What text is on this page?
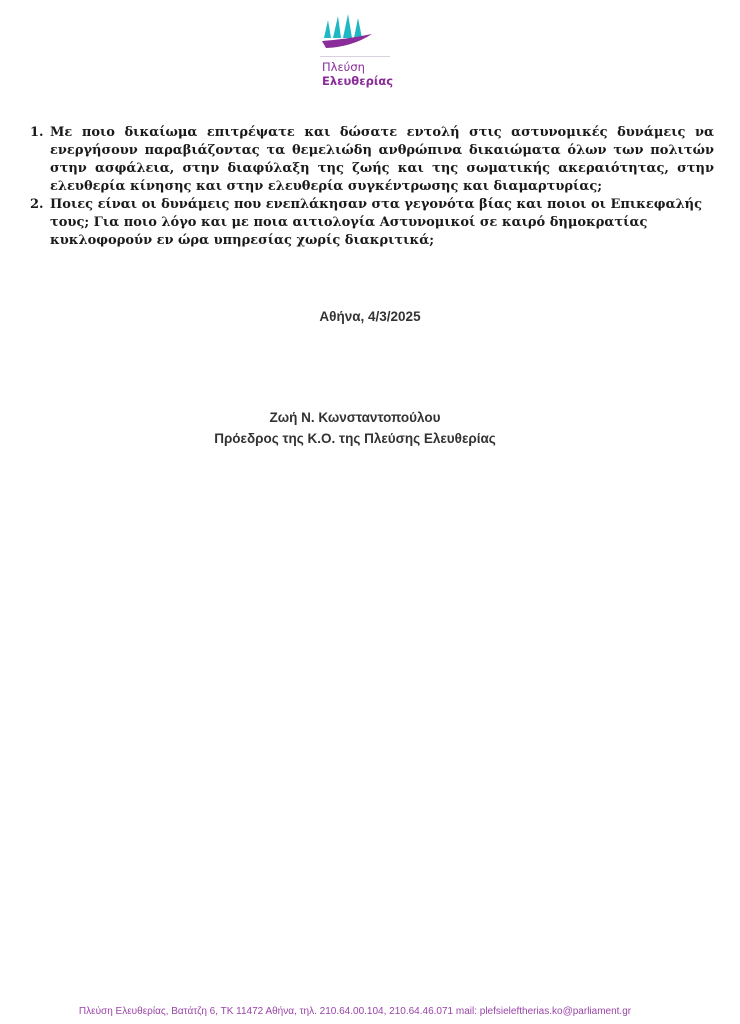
Πλεύση
Ελευθερίας
1. Με ποιο δικαίωμα επιτρέψατε και δώσατε εντολή στις αστυνομικές δυνάμεις να ενεργήσουν παραβιάζοντας τα θεμελιώδη ανθρώπινα δικαιώματα όλων των πολιτών στην ασφάλεια, στην διαφύλαξη της ζωής και της σωματικής ακεραιότητας, στην ελευθερία κίνησης και στην ελευθερία συγκέντρωσης και διαμαρτυρίας;
2. Ποιες είναι οι δυνάμεις που ενεπλάκησαν στα γεγονότα βίας και ποιοι οι Επικεφαλής τους; Για ποιο λόγο και με ποια αιτιολογία Αστυνομικοί σε καιρό δημοκρατίας κυκλοφορούν εν ώρα υπηρεσίας χωρίς διακριτικά;
Αθήνα, 4/3/2025
Ζωή Ν. Κωνσταντοπούλου
Πρόεδρος της Κ.Ο. της Πλεύσης Ελευθερίας
Πλεύση Ελευθερίας, Βατάτζη 6, ΤΚ 11472 Αθήνα, τηλ. 210.64.00.104, 210.64.46.071 mail: plefsieleftherias.ko@parliament.gr
